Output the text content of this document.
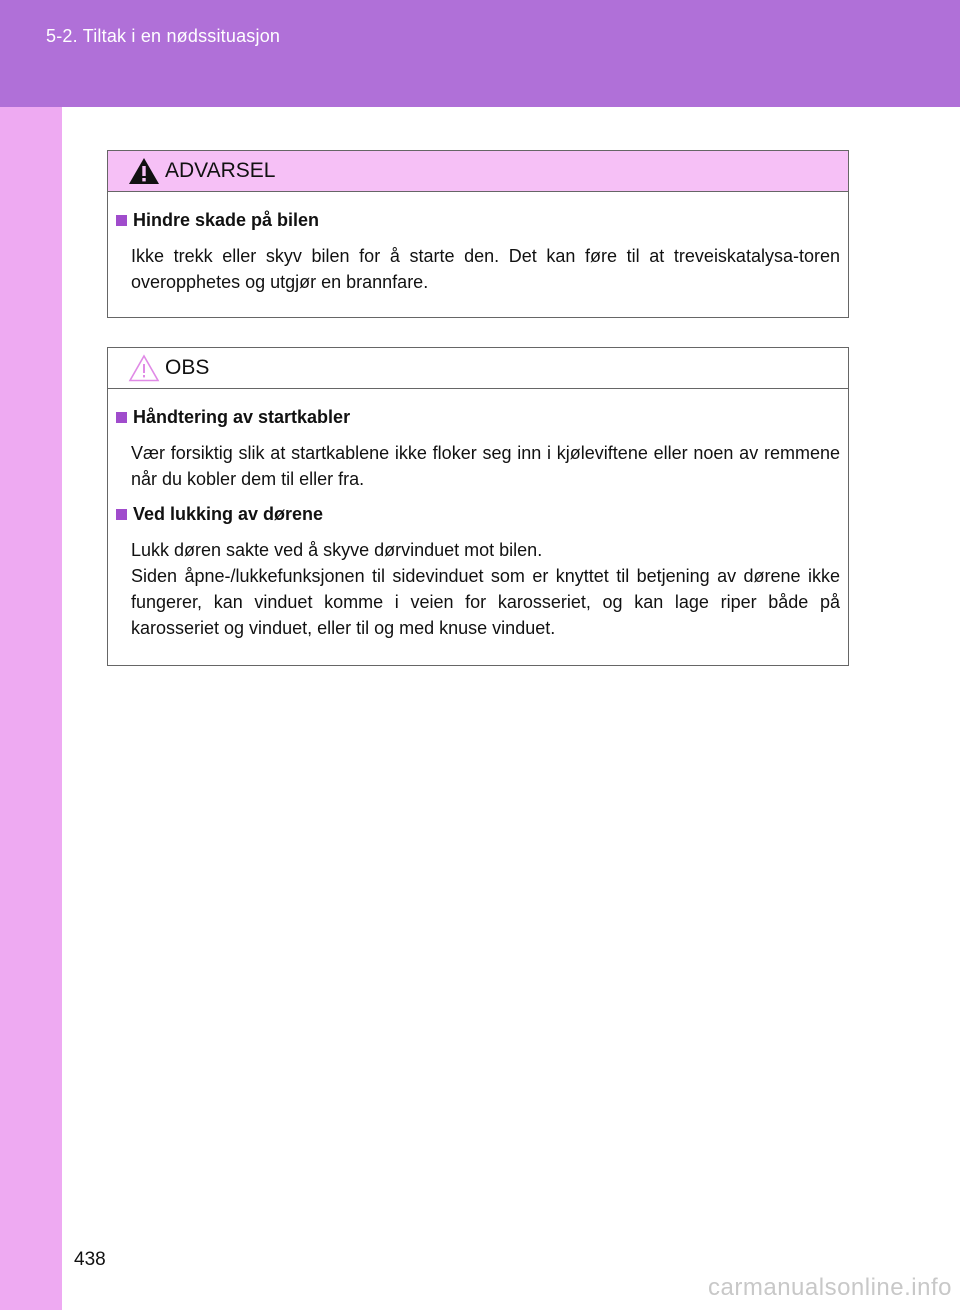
5-2. Tiltak i en nødssituasjon
ADVARSEL
Hindre skade på bilen

Ikke trekk eller skyv bilen for å starte den. Det kan føre til at treveiskatalysa-toren overopphetes og utgjør en brannfare.

OBS
Håndtering av startkabler

Vær forsiktig slik at startkablene ikke floker seg inn i kjøleviftene eller noen av remmene når du kobler dem til eller fra.

Ved lukking av dørene

Lukk døren sakte ved å skyve dørvinduet mot bilen.

Siden åpne-/lukkefunksjonen til sidevinduet som er knyttet til betjening av dørene ikke fungerer, kan vinduet komme i veien for karosseriet, og kan lage riper både på karosseriet og vinduet, eller til og med knuse vinduet.

438
carmanualsonline.info
